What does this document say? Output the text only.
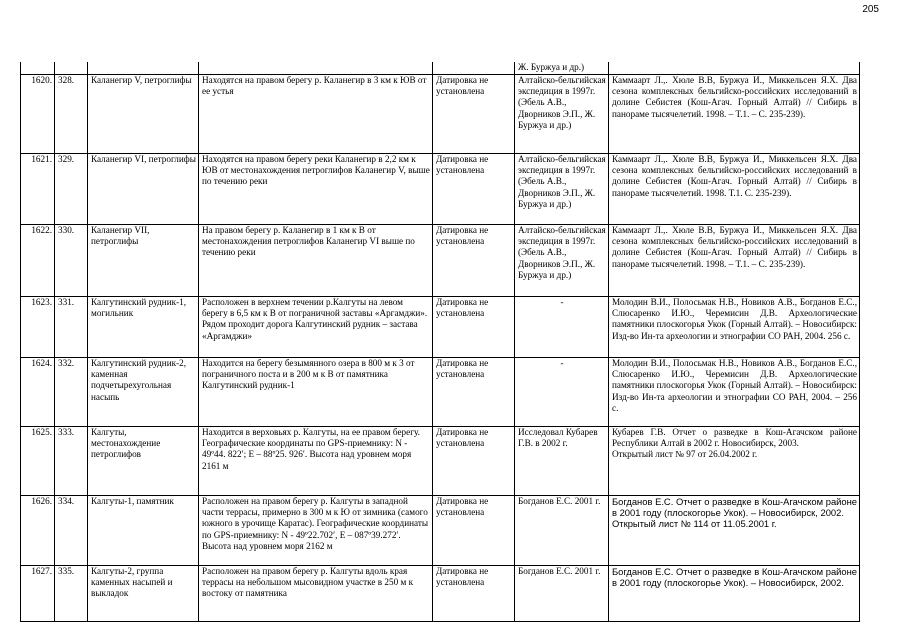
205
					Ж. Буржуа и др.)	
1620.	328.	Каланегир V, петроглифы	Находятся на правом берегу р. Каланегир в 3 км к ЮВ от ее устья	Датировка не установлена	Алтайско-бельгийская экспедиция в 1997г. (Эбель А.В., Дворников Э.П., Ж. Буржуа и др.)	Каммаарт Л.,. Хюле В.В, Буржуа И., Миккельсен Я.Х. Два сезона комплексных бельгийско-российских исследований в долине Себистея (Кош-Агач. Горный Алтай) // Сибирь в панораме тысячелетий. 1998. – Т.1. – С. 235-239).

1621.	329.	Каланегир VI, петроглифы	Находятся на правом берегу реки Каланегир в 2,2 км к ЮВ от местонахождения петроглифов Каланегир V, выше по течению реки	Датировка не установлена	Алтайско-бельгийская экспедиция в 1997г. (Эбель А.В., Дворников Э.П., Ж. Буржуа и др.)	Каммаарт Л.,. Хюле В.В, Буржуа И., Миккельсен Я.Х. Два сезона комплексных бельгийско-российских исследований в долине Себистея (Кош-Агач. Горный Алтай) // Сибирь в панораме тысячелетий. 1998. Т.1. С. 235-239).

1622.	330.	Каланегир VII, петроглифы	На правом берегу р. Каланегир в 1 км к В от местонахождения петроглифов Каланегир VI выше по течению реки	Датировка не установлена	Алтайско-бельгийская экспедиция в 1997г. (Эбель А.В., Дворников Э.П., Ж. Буржуа и др.)	Каммаарт Л.,. Хюле В.В, Буржуа И., Миккельсен Я.Х. Два сезона комплексных бельгийско-российских исследований в долине Себистея (Кош-Агач. Горный Алтай) // Сибирь в панораме тысячелетий. 1998. – Т.1. – С. 235-239).

1623.	331.	Калгутинский рудник-1, могильник	Расположен в верхнем течении р.Калгуты на левом берегу в 6,5 км к В от пограничной заставы «Аргамджи». Рядом проходит дорога Калгутинский рудник – застава «Аргамджи»	Датировка не установлена	-	Молодин В.И., Полосьмак Н.В., Новиков А.В., Богданов Е.С., Слюсаренко И.Ю., Черемисин Д.В. Археологические памятники плоскогорья Укок (Горный Алтай). – Новосибирск: Изд-во Ин-та археологии и этнографии СО РАН, 2004. 256 с.

1624.	332.	Калгутинский рудник-2, каменная подчетырехугольная насыпь	Находится на берегу безымянного озера в 800 м к 3 от пограничного поста и в 200 м к В от памятника Калгутинский рудник-1	Датировка не установлена	-	Молодин В.И., Полосьмак Н.В., Новиков А.В., Богданов Е.С., Слюсаренко И.Ю., Черемисин Д.В. Археологические памятники плоскогорья Укок (Горный Алтай). – Новосибирск: Изд-во Ин-та археологии и этнографии СО РАН, 2004. – 256 с.

1625.	333.	Калгуты, местонахождение петроглифов	Находится в верховьях р. Калгуты, на ее правом берегу. Географические координаты по GPS-приемнику: N - 49º44. 822′; E – 88º25. 926′. Высота над уровнем моря 2161 м	Датировка не установлена	Исследовал Кубарев Г.В. в 2002 г.	Кубарев Г.В. Отчет о разведке в Кош-Агачском районе Республики Алтай в 2002 г. Новосибирск, 2003.
Открытый лист № 97 от 26.04.2002 г.

1626.	334.	Калгуты-1, памятник	Расположен на правом берегу р. Калгуты в западной части террасы, примерно в 300 м к Ю от зимника (самого южного в урочище Каратас). Географические координаты по GPS-приемнику: N - 49º22.702′, E – 087º39.272′. Высота над уровнем моря 2162 м	Датировка не установлена	Богданов Е.С. 2001 г.	Богданов Е.С. Отчет о разведке в Кош-Агачском районе в 2001 году (плоскогорье Укок). – Новосибирск, 2002.
Открытый лист № 114 от 11.05.2001 г.

1627.	335.	Калгуты-2, группа каменных насыпей и выкладок	Расположен на правом берегу р. Калгуты вдоль края террасы на небольшом мысовидном участке в 250 м к востоку от памятника	Датировка не установлена	Богданов Е.С. 2001 г.	Богданов Е.С. Отчет о разведке в Кош-Агачском районе в 2001 году (плоскогорье Укок). – Новосибирск, 2002.
